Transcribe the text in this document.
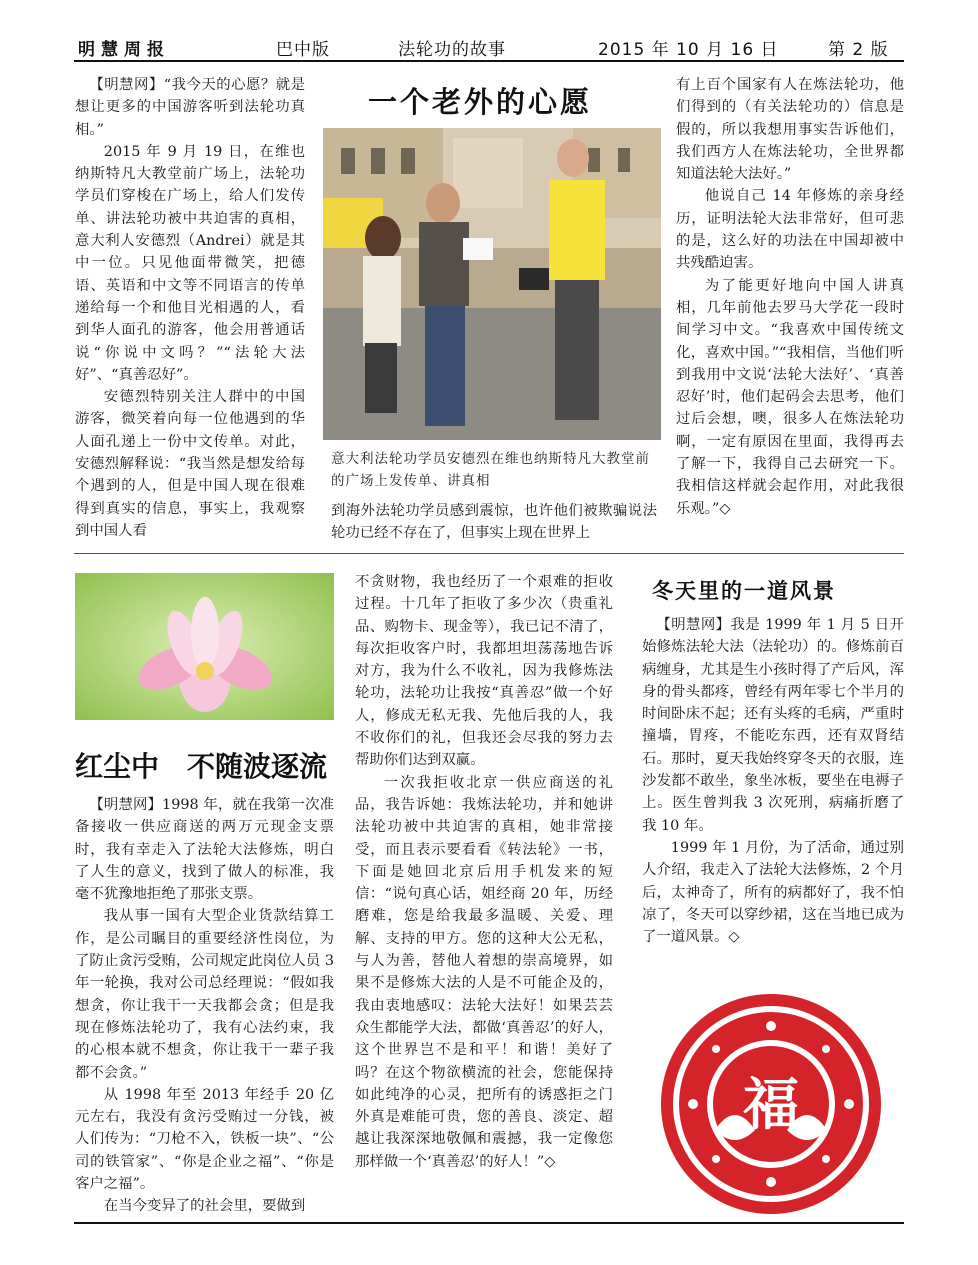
明慧周报	巴中版	法轮功的故事	2015 年 10 月 16 日	第 2 版

【明慧网】“我今天的心愿？就是想让更多的中国游客听到法轮功真相。”

2015 年 9 月 19 日，在维也纳斯特凡大教堂前广场上，法轮功学员们穿梭在广场上，给人们发传单、讲法轮功被中共迫害的真相，意大利人安德烈（Andrei）就是其中一位。只见他面带微笑，把德语、英语和中文等不同语言的传单递给每一个和他目光相遇的人，看到华人面孔的游客，他会用普通话说“你说中文吗？”“法轮大法好”、“真善忍好”。

安德烈特别关注人群中的中国游客，微笑着向每一位他遇到的华人面孔递上一份中文传单。对此，安德烈解释说：“我当然是想发给每个遇到的人，但是中国人现在很难得到真实的信息，事实上，我观察到中国人看

一个老外的心愿
意大利法轮功学员安德烈在维也纳斯特凡大教堂前的广场上发传单、讲真相

到海外法轮功学员感到震惊，也许他们被欺骗说法轮功已经不存在了，但事实上现在世界上

有上百个国家有人在炼法轮功，他们得到的（有关法轮功的）信息是假的，所以我想用事实告诉他们，我们西方人在炼法轮功，全世界都知道法轮大法好。”

他说自己 14 年修炼的亲身经历，证明法轮大法非常好，但可悲的是，这么好的功法在中国却被中共残酷迫害。

为了能更好地向中国人讲真相，几年前他去罗马大学花一段时间学习中文。“我喜欢中国传统文化，喜欢中国。”“我相信，当他们听到我用中文说‘法轮大法好’、‘真善忍好’时，他们起码会去思考，他们过后会想，噢，很多人在炼法轮功啊，一定有原因在里面，我得再去了解一下，我得自己去研究一下。我相信这样就会起作用，对此我很乐观。”◇

红尘中　不随波逐流

【明慧网】1998 年，就在我第一次准备接收一供应商送的两万元现金支票时，我有幸走入了法轮大法修炼，明白了人生的意义，找到了做人的标准，我毫不犹豫地拒绝了那张支票。

我从事一国有大型企业货款结算工作，是公司瞩目的重要经济性岗位，为了防止贪污受贿，公司规定此岗位人员 3 年一轮换，我对公司总经理说：“假如我想贪，你让我干一天我都会贪；但是我现在修炼法轮功了，我有心法约束，我的心根本就不想贪，你让我干一辈子我都不会贪。”

从 1998 年至 2013 年经手 20 亿元左右，我没有贪污受贿过一分钱，被人们传为：“刀枪不入，铁板一块”、“公司的铁管家”、“你是企业之福”、“你是客户之福”。

在当今变异了的社会里，要做到

不贪财物，我也经历了一个艰难的拒收过程。十几年了拒收了多少次（贵重礼品、购物卡、现金等），我已记不清了，每次拒收客户时，我都坦坦荡荡地告诉对方，我为什么不收礼，因为我修炼法轮功，法轮功让我按“真善忍”做一个好人，修成无私无我、先他后我的人，我不收你们的礼，但我还会尽我的努力去帮助你们达到双赢。

一次我拒收北京一供应商送的礼品，我告诉她：我炼法轮功，并和她讲法轮功被中共迫害的真相，她非常接受，而且表示要看看《转法轮》一书，下面是她回北京后用手机发来的短信：“说句真心话，姐经商 20 年，历经磨难，您是给我最多温暖、关爱、理解、支持的甲方。您的这种大公无私，与人为善，替他人着想的崇高境界，如果不是修炼大法的人是不可能企及的，我由衷地感叹：法轮大法好！如果芸芸众生都能学大法，都做‘真善忍’的好人，这个世界岂不是和平！和谐！美好了吗？在这个物欲横流的社会，您能保持如此纯净的心灵，把所有的诱惑拒之门外真是难能可贵，您的善良、淡定、超越让我深深地敬佩和震撼，我一定像您那样做一个‘真善忍’的好人！”◇

冬天里的一道风景

【明慧网】我是 1999 年 1 月 5 日开始修炼法轮大法（法轮功）的。修炼前百病缠身，尤其是生小孩时得了产后风，浑身的骨头都疼，曾经有两年零七个半月的时间卧床不起；还有头疼的毛病，严重时撞墙，胃疼，不能吃东西，还有双肾结石。那时，夏天我始终穿冬天的衣服，连沙发都不敢坐，象坐冰板，要坐在电褥子上。医生曾判我 3 次死刑，病痛折磨了我 10 年。

1999 年 1 月份，为了活命，通过别人介绍，我走入了法轮大法修炼，2 个月后，太神奇了，所有的病都好了，我不怕凉了，冬天可以穿纱裙，这在当地已成为了一道风景。◇

福
